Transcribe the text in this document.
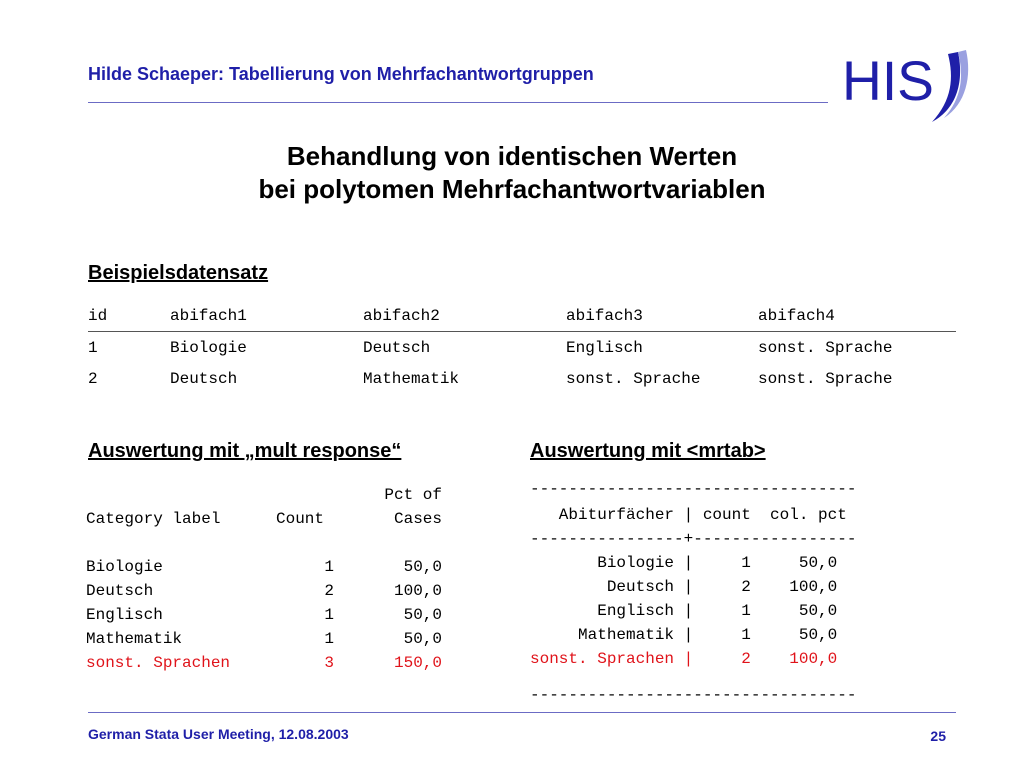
Hilde Schaeper: Tabellierung von Mehrfachantwortgruppen	HIS
Behandlung von identischen Werten
bei polytomen Mehrfachantwortvariablen
Beispielsdatensatz
id	abifach1	abifach2	abifach3	abifach4
1	Biologie	Deutsch	Englisch	sonst. Sprache
2	Deutsch	Mathematik	sonst. Sprache	sonst. Sprache
Auswertung mit „mult response“
Pct of
Category label	Count	Cases
Biologie	1	50,0
Deutsch	2	100,0
Englisch	1	50,0
Mathematik	1	50,0
sonst. Sprachen	3	150,0
Auswertung mit <mrtab>
----------------------------------
Abiturfächer | count  col. pct
----------------+-----------------
Biologie |     1     50,0
Deutsch |     2    100,0
Englisch |     1     50,0
Mathematik |     1     50,0
sonst. Sprachen |     2    100,0
----------------------------------
German Stata User Meeting, 12.08.2003	25
